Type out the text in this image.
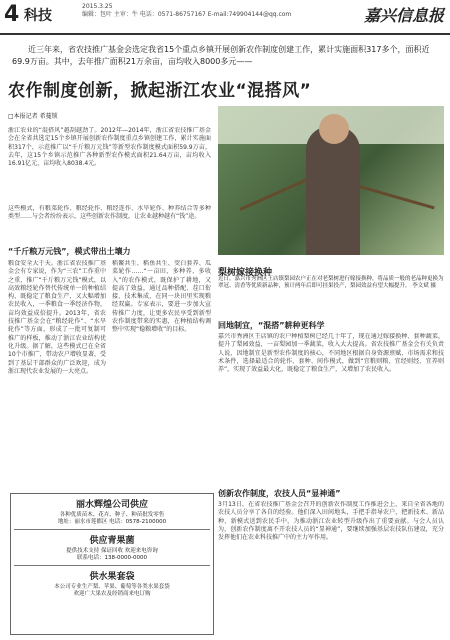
4 科技
2015.3.25
编辑：包叶 主审：牛 电话：0571-86757167 E-mail:749904144@qq.com	嘉兴信息报
近三年来，省农技推广基金会选定我省15个重点乡镇开展创新农作制度创建工作，累计实施面积317多个，面积近69.9万亩。其中，去年推广面积21万余亩，亩均收入8000多元——
农作制度创新，掀起浙江农业“混搭风”
□本报记者 希蔓锁
浙江农业的“混搭风”越刮越劲了。2012年—2014年，浙江省农技推广基金会在全省共选定15个乡镇开展创新农作制度重点乡镇创建工作，累计实施面积317个，示范推广以“千斤粮万元钱”等新型农作制度模式面积59.9万亩，去年，这15个乡镇示范推广各种新型农作模式面积21.64万亩，亩均收入16.91亿元，亩均收入8038.4元。
这些模式，有粮菜轮作、粮经轮作、粮经连作、水旱轮作、种养结合等多种类型……与会者纷纷表示，这些创新农作制度，让农业越种越有“钱”途。
“千斤粮万元钱”，模式带出土壤力
粮食安全大于天。浙江省农技推广基金会有专家说，作为“三农”工作重中之重，推广“千斤粮万元钱”模式，以高效粮经轮作替代传统单一的种植结构，既稳定了粮食生产，又大幅增加农民收入，一季粮食一季经济作物，亩均效益成倍提升。2013年，省农技推广基金会在“粮经轮作”、“水旱轮作”等方面，形成了一批可复制可推广的样板，推动了浙江农业结构优化升级。据了解，这些模式已在全省10个市推广，带动农户增收显著，受到了基层干部群众的广泛欢迎，成为浙江现代农业发展的一大亮点。
稻鳖共生、稻鱼共生、茭白套养、瓜菜轮作……“一亩田、多种养、多收入”的农作模式，既保护了耕地，又提高了效益，通过品种搭配、茬口衔接、技术集成，在同一块田里实现粮经双赢。专家表示，要进一步加大宣传推广力度，让更多农民享受到新型农作制度带来的实惠，在种植结构调整中实现“稳粮增收”的目标。
梨树嫁接换种
近日，嘉兴市秀洲区王店镇梨园农户正在对老梨树进行嫁接换种，将品质一般的老品种更换为翠冠、清香等优质新品种，预计两年后即可挂果投产，梨园效益有望大幅提升。 李文斌 摄
回地制宜，“混搭”耕种更科学
嘉兴市秀洲区王店镇的农户种植梨树已经几十年了，现在通过嫁接换种、套种蔬菜，提升了梨园效益，一亩梨园加一季蔬菜，收入大大提高。省农技推广基金会有关负责人说，因地制宜是新型农作制度的核心，不同地区根据自身资源禀赋、市场需求和技术条件，选择最适合的轮作、套种、间作模式，做到“宜粮则粮、宜经则经、宜养则养”，实现了效益最大化，既稳定了粮食生产，又增加了农民收入。
创新农作制度，农技人员“显神通”
3月13日，在省农技推广基金会召开的创新农作制度工作推进会上，来自全省各地的农技人员分享了各自的经验。他们深入田间地头，手把手指导农户，把新技术、新品种、新模式送到农民手中，为推动浙江农业转型升级作出了重要贡献。与会人员认为，创新农作制度离不开农技人员的“显神通”，要继续加强基层农技队伍建设，充分发挥他们在农业科技推广中的主力军作用。
丽水辉煌公司供应
各种优质苗木、花卉、种子、种苗批发零售
地址：丽水市莲都区 电话：0578-2100000
供应青果菌
提供技术支持 保证回收 欢迎来电咨询
联系电话：138-0000-0000
供水果套袋
本公司专业生产梨、苹果、葡萄等各类水果套袋
欢迎广大果农及经销商来电订购
